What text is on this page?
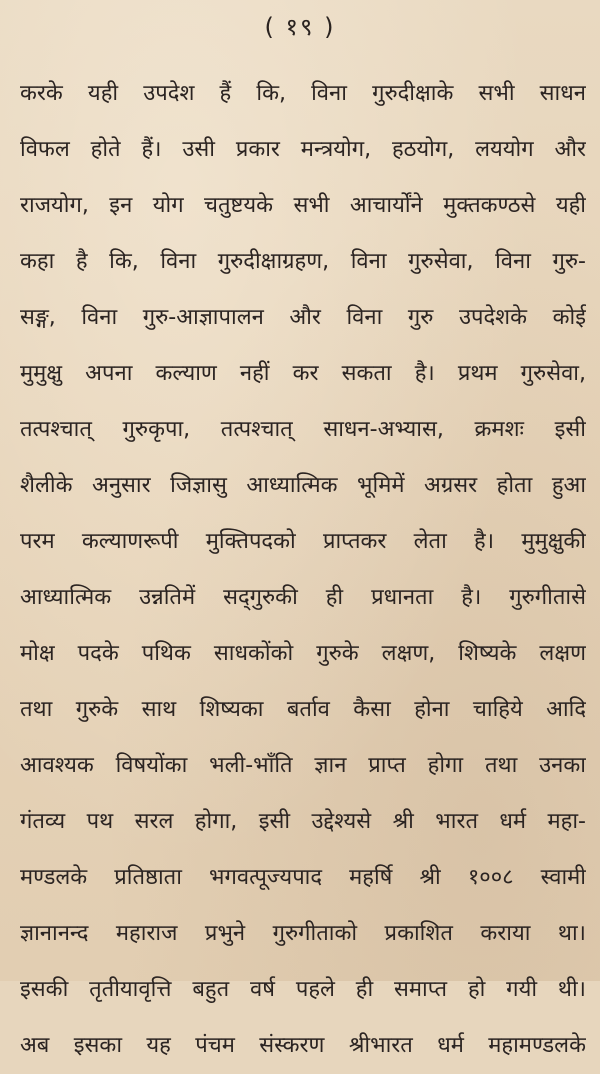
( १९ )
करके यही उपदेश हैं कि, विना गुरुदीक्षाके सभी साधन
विफल होते हैं। उसी प्रकार मन्त्रयोग, हठयोग, लययोग और
राजयोग, इन योग चतुष्टयके सभी आचार्योंने मुक्तकण्ठसे यही
कहा है कि, विना गुरुदीक्षाग्रहण, विना गुरुसेवा, विना गुरु-
सङ्ग, विना गुरु-आज्ञापालन और विना गुरु उपदेशके कोई
मुमुक्षु अपना कल्याण नहीं कर सकता है। प्रथम गुरुसेवा,
तत्पश्चात् गुरुकृपा, तत्पश्चात् साधन-अभ्यास, क्रमशः इसी
शैलीके अनुसार जिज्ञासु आध्यात्मिक भूमिमें अग्रसर होता हुआ
परम कल्याणरूपी मुक्तिपदको प्राप्तकर लेता है। मुमुक्षुकी
आध्यात्मिक उन्नतिमें सद्‌गुरुकी ही प्रधानता है। गुरुगीतासे
मोक्ष पदके पथिक साधकोंको गुरुके लक्षण, शिष्यके लक्षण
तथा गुरुके साथ शिष्यका बर्ताव कैसा होना चाहिये आदि
आवश्यक विषयोंका भली-भाँति ज्ञान प्राप्त होगा तथा उनका
गंतव्य पथ सरल होगा, इसी उद्देश्यसे श्री भारत धर्म महा-
मण्डलके प्रतिष्ठाता भगवत्पूज्यपाद महर्षि श्री १००८ स्वामी
ज्ञानानन्द महाराज प्रभुने गुरुगीताको प्रकाशित कराया था।
इसकी तृतीयावृत्ति बहुत वर्ष पहले ही समाप्त हो गयी थी।
अब इसका यह पंचम संस्करण श्रीभारत धर्म महामण्डलके
